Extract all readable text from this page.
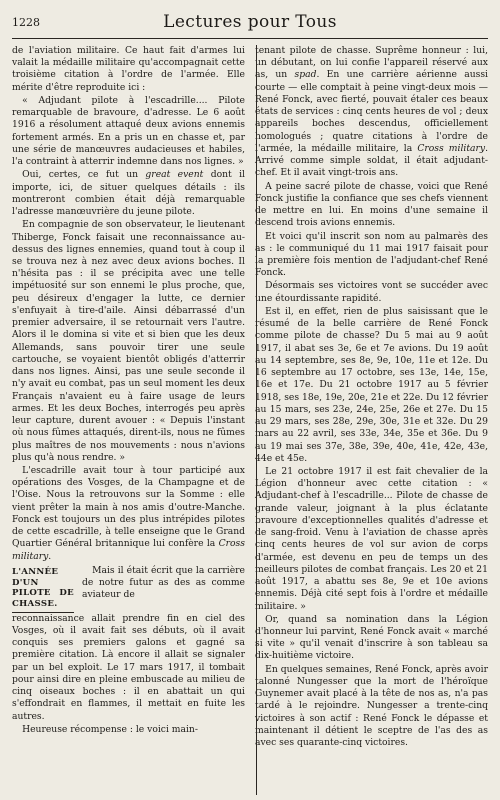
1228	Lectures pour Tous

de l'aviation militaire. Ce haut fait d'armes lui valait la médaille militaire qu'accompagnait cette troisième citation à l'ordre de l'armée. Elle mérite d'être reproduite ici :

« Adjudant pilote à l'escadrille.... Pilote remarquable de bravoure, d'adresse. Le 6 août 1916 a résolument attaqué deux avions ennemis fortement armés. En a pris un en chasse et, par une série de manœuvres audacieuses et habiles, l'a contraint à atterrir indemne dans nos lignes. »

Oui, certes, ce fut un great event dont il importe, ici, de situer quelques détails : ils montreront combien était déjà remarquable l'adresse manœuvrière du jeune pilote.

En compagnie de son observateur, le lieutenant Thiberge, Fonck faisait une reconnaissance au-dessus des lignes ennemies, quand tout à coup il se trouva nez à nez avec deux avions boches. Il n'hésita pas : il se précipita avec une telle impétuosité sur son ennemi le plus proche, que, peu désireux d'engager la lutte, ce dernier s'enfuyait à tire-d'aile. Ainsi débarrassé d'un premier adversaire, il se retournait vers l'autre. Alors il le domina si vite et si bien que les deux Allemands, sans pouvoir tirer une seule cartouche, se voyaient bientôt obligés d'atterrir dans nos lignes. Ainsi, pas une seule seconde il n'y avait eu combat, pas un seul moment les deux Français n'avaient eu à faire usage de leurs armes. Et les deux Boches, interrogés peu après leur capture, durent avouer : « Depuis l'instant où nous fûmes attaqués, dirent-ils, nous ne fûmes plus maîtres de nos mouvements : nous n'avions plus qu'à nous rendre. »

L'escadrille avait tour à tour participé aux opérations des Vosges, de la Champagne et de l'Oise. Nous la retrouvons sur la Somme : elle vient prêter la main à nos amis d'outre-Manche. Fonck est toujours un des plus intrépides pilotes de cette escadrille, à telle enseigne que le Grand Quartier Général britannique lui confère la Cross military.

L'ANNÉE D'UN PILOTE DE CHASSE.
Mais il était écrit que la carrière de notre futur as des as comme aviateur de

reconnaissance allait prendre fin en ciel des Vosges, où il avait fait ses débuts, où il avait conquis ses premiers galons et gagné sa première citation. Là encore il allait se signaler par un bel exploit. Le 17 mars 1917, il tombait pour ainsi dire en pleine embuscade au milieu de cinq oiseaux boches : il en abattait un qui s'effondrait en flammes, il mettait en fuite les autres.

Heureuse récompense : le voici main-

tenant pilote de chasse. Suprême honneur : lui, un débutant, on lui confie l'appareil réservé aux as, un spad. En une carrière aérienne aussi courte — elle comptait à peine vingt-deux mois — René Fonck, avec fierté, pouvait étaler ces beaux états de services : cinq cents heures de vol ; deux appareils boches descendus, officiellement homologués ; quatre citations à l'ordre de l'armée, la médaille militaire, la Cross military. Arrivé comme simple soldat, il était adjudant-chef. Et il avait vingt-trois ans.

A peine sacré pilote de chasse, voici que René Fonck justifie la confiance que ses chefs viennent de mettre en lui. En moins d'une semaine il descend trois avions ennemis.

Et voici qu'il inscrit son nom au palmarès des as : le communiqué du 11 mai 1917 faisait pour la première fois mention de l'adjudant-chef René Fonck.

Désormais ses victoires vont se succéder avec une étourdissante rapidité.

Est il, en effet, rien de plus saisissant que le résumé de la belle carrière de René Fonck comme pilote de chasse? Du 5 mai au 9 août 1917, il abat ses 3e, 6e et 7e avions. Du 19 août au 14 septembre, ses 8e, 9e, 10e, 11e et 12e. Du 16 septembre au 17 octobre, ses 13e, 14e, 15e, 16e et 17e. Du 21 octobre 1917 au 5 février 1918, ses 18e, 19e, 20e, 21e et 22e. Du 12 février au 15 mars, ses 23e, 24e, 25e, 26e et 27e. Du 15 au 29 mars, ses 28e, 29e, 30e, 31e et 32e. Du 29 mars au 22 avril, ses 33e, 34e, 35e et 36e. Du 9 au 19 mai ses 37e, 38e, 39e, 40e, 41e, 42e, 43e, 44e et 45e.

Le 21 octobre 1917 il est fait chevalier de la Légion d'honneur avec cette citation : « Adjudant-chef à l'escadrille... Pilote de chasse de grande valeur, joignant à la plus éclatante bravoure d'exceptionnelles qualités d'adresse et de sang-froid. Venu à l'aviation de chasse après cinq cents heures de vol sur avion de corps d'armée, est devenu en peu de temps un des meilleurs pilotes de combat français. Les 20 et 21 août 1917, a abattu ses 8e, 9e et 10e avions ennemis. Déjà cité sept fois à l'ordre et médaille militaire. »

Or, quand sa nomination dans la Légion d'honneur lui parvint, René Fonck avait « marché si vite » qu'il venait d'inscrire à son tableau sa dix-huitième victoire.

En quelques semaines, René Fonck, après avoir talonné Nungesser que la mort de l'héroïque Guynemer avait placé à la tête de nos as, n'a pas tardé à le rejoindre. Nungesser a trente-cinq victoires à son actif : René Fonck le dépasse et maintenant il détient le sceptre de l'as des as avec ses quarante-cinq victoires.
